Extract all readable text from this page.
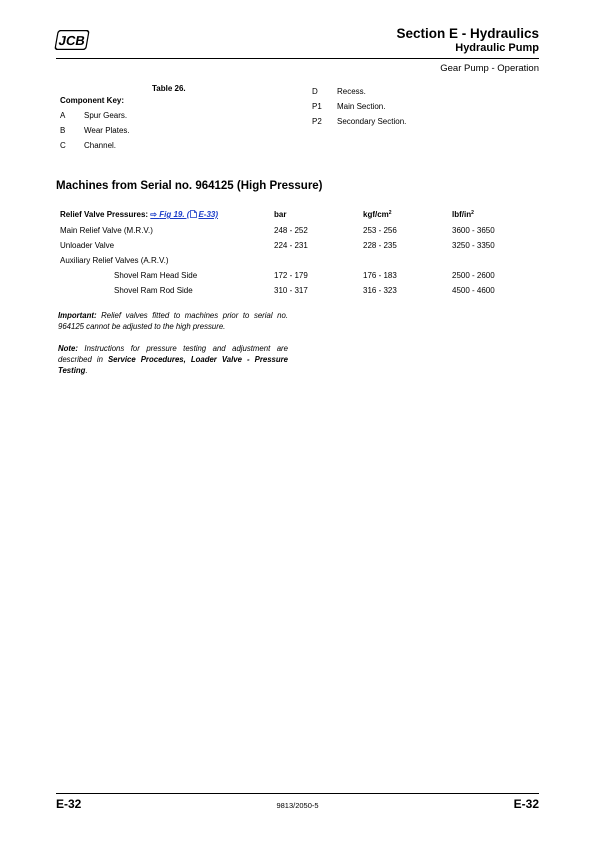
JCB	Section E - Hydraulics
Hydraulic Pump
Gear Pump - Operation
Table 26.
Component Key:
A Spur Gears.
B Wear Plates.
C Channel.
D Recess.
P1 Main Section.
P2 Secondary Section.
Machines from Serial no. 964125 (High Pressure)
Relief Valve Pressures: ⇨ Fig 19. ( E-33)	bar	kgf/$cm^2$	lbf/$in^2$
Main Relief Valve (M.R.V.)	248 - 252	253 - 256	3600 - 3650
Unloader Valve	224 - 231	228 - 235	3250 - 3350
Auxiliary Relief Valves (A.R.V.)
Shovel Ram Head Side	172 - 179	176 - 183	2500 - 2600
Shovel Ram Rod Side	310 - 317	316 - 323	4500 - 4600
Important: Relief valves fitted to machines prior to serial no. 964125 cannot be adjusted to the high pressure.
Note: Instructions for pressure testing and adjustment are described in Service Procedures, Loader Valve - Pressure Testing.
E-32	9813/2050-5	E-32
